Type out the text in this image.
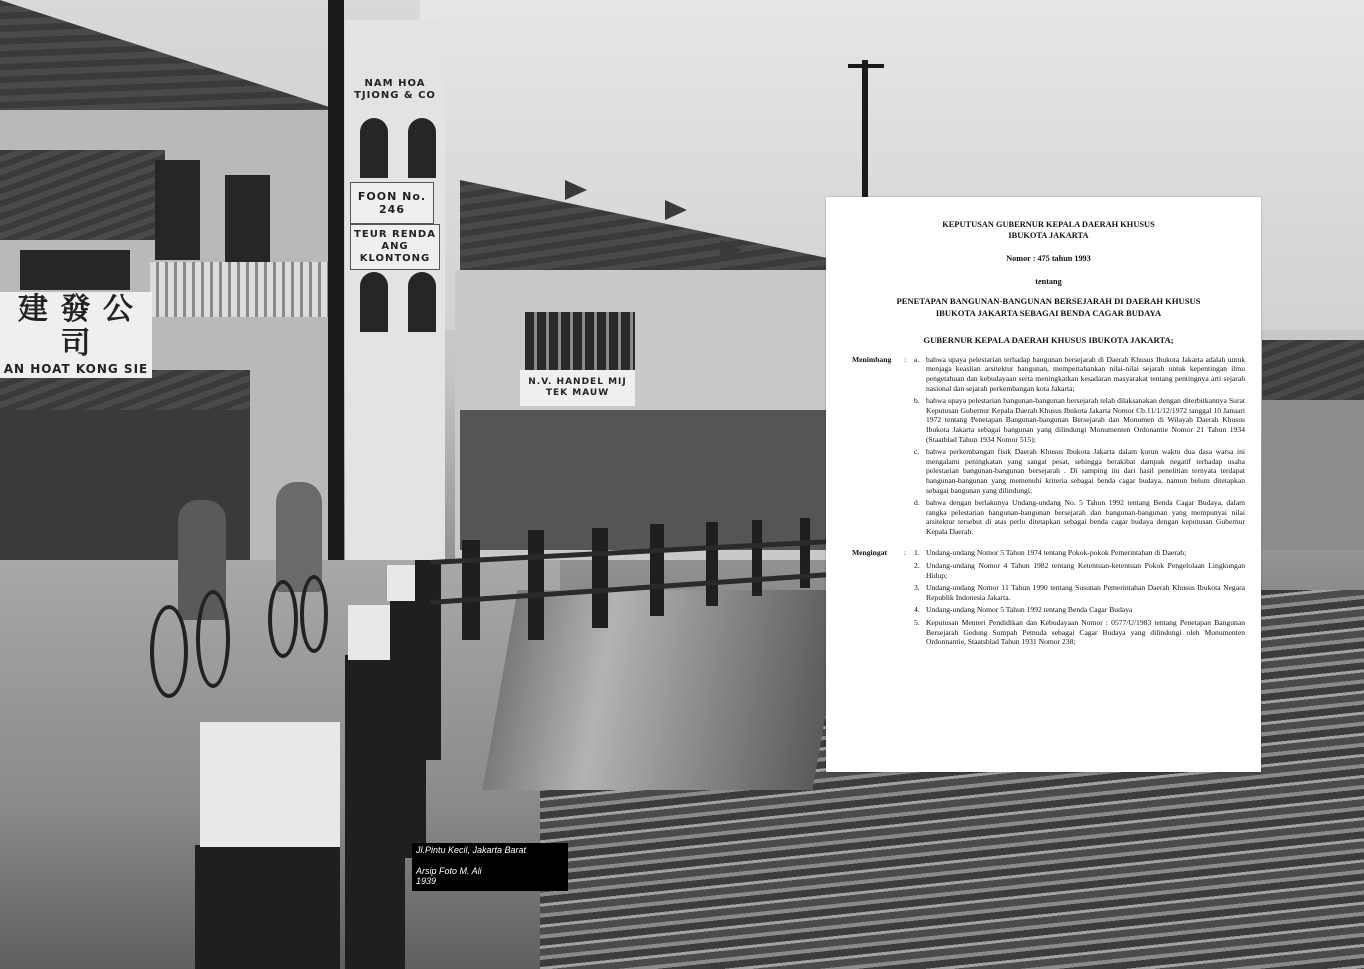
建 發 公 司
AN HOAT KONG SIE
NAM HOA TJIONG & CO
FOON No. 246
TEUR RENDA ANG KLONTONG
N.V. HANDEL MIJ TEK MAUW
Jl.Pintu Kecil, Jakarta Barat
Arsip Foto M. Ali
1939
KEPUTUSAN GUBERNUR KEPALA DAERAH KHUSUS
IBUKOTA JAKARTA
Nomor : 475 tahun 1993
tentang
PENETAPAN BANGUNAN-BANGUNAN BERSEJARAH DI DAERAH KHUSUS
IBUKOTA JAKARTA SEBAGAI BENDA CAGAR BUDAYA
GUBERNUR KEPALA DAERAH KHUSUS IBUKOTA JAKARTA;
Menimbang	:	a. bahwa upaya pelestarian terhadap bangunan bersejarah di Daerah Khusus Ibukota Jakarta adalah untuk menjaga keaslian arsitektur bangunan, mempertahankan nilai-nilai sejarah untuk kepentingan ilmu pengetahuan dan kebudayaan serta meningkatkan kesadaran masyarakat tentang pentingnya arti sejarah nasional dan sejarah perkembangan kota Jakarta;
b. bahwa upaya pelestarian bangunan-bangunan bersejarah telah dilaksanakan dengan diterbitkannya Surat Keputusan Gubernur Kepala Daerah Khusus Ibukota Jakarta Nomor Cb.11/1/12/1972 tanggal 10 Januari 1972 tentang Penetapan Bangunan-bangunan Bersejarah dan Monumen di Wilayah Daerah Khusus Ibukota Jakarta sebagai bangunan yang dilindungi Monumenten Ordonantie Nomor 21 Tahun 1934 (Staatblad Tahun 1934 Nomor 515);
c. bahwa perkembangan fisik Daerah Khusus Ibukota Jakarta dalam kurun waktu dua dasa warsa ini mengalami peningkatan yang sangat pesat, sehingga berakibat dampak negatif terhadap usaha pelestarian bangunan-bangunan bersejarah . Di samping itu dari hasil penelitian ternyata terdapat bangunan-bangunan yang memenuhi kriteria sebagai benda cagar budaya, namun belum ditetapkan sebagai bangunan yang dilindungi;
d. bahwa dengan berlakunya Undang-undang No. 5 Tahun 1992 tentang Benda Cagar Budaya, dalam rangka pelestarian bangunan-bangunan bersejarah dan bangunan-bangunan yang mempunyai nilai arsitektur tersebut di atas perlu ditetapkan sebagai benda cagar budaya dengan keputusan Gubernur Kepala Daerah.
Mengingat	:	1. Undang-undang Nomor 5 Tahun 1974 tentang Pokok-pokok Pemerintahan di Daerah;
2. Undang-undang Nomor 4 Tahun 1982 tentang Ketentuan-ketentuan Pokok Pengelolaan Lingkungan Hidup;
3. Undang-undang Nomor 11 Tahun 1990 tentang Susunan Pemerintahan Daerah Khusus Ibukota Negara Republik Indonesia Jakarta.
4. Undang-undang Nomor 5 Tahun 1992 tentang Benda Cagar Budaya
5. Keputusan Menteri Pendidikan dan Kebudayaan Nomor : 0577/U/1983 tentang Penetapan Bangunan Bersejarah Gedung Sumpah Pemuda sebagai Cagar Budaya yang dilindungi oleh Monumenten Ordonnantie, Staatsblad Tahun 1931 Nomor 238;
